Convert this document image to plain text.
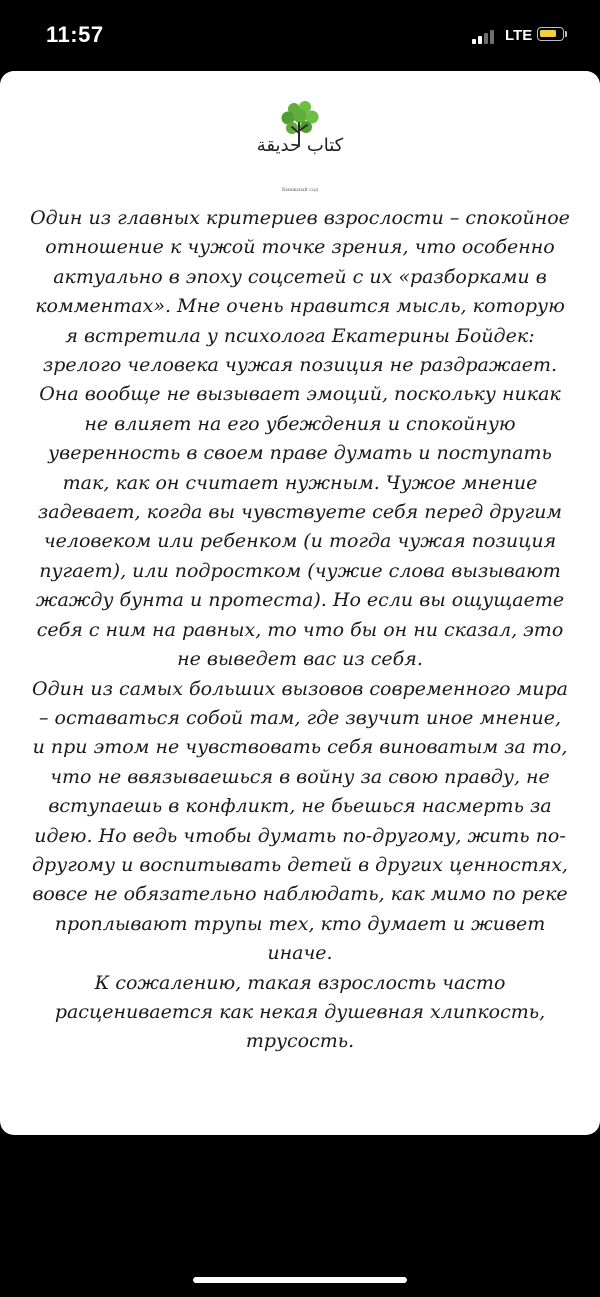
11:57	LTE
كتاب حديقة
Книжный сад

Один из главных критериев взрослости – спокойное отношение к чужой точке зрения, что особенно актуально в эпоху соцсетей с их «разборками в комментах». Мне очень нравится мысль, которую я встретила у психолога Екатерины Бойдек: зрелого человека чужая позиция не раздражает. Она вообще не вызывает эмоций, поскольку никак не влияет на его убеждения и спокойную уверенность в своем праве думать и поступать так, как он считает нужным. Чужое мнение задевает, когда вы чувствуете себя перед другим человеком или ребенком (и тогда чужая позиция пугает), или подростком (чужие слова вызывают жажду бунта и протеста). Но если вы ощущаете себя с ним на равных, то что бы он ни сказал, это не выведет вас из себя.

Один из самых больших вызовов современного мира – оставаться собой там, где звучит иное мнение, и при этом не чувствовать себя виноватым за то, что не ввязываешься в войну за свою правду, не вступаешь в конфликт, не бьешься насмерть за идею. Но ведь чтобы думать по-другому, жить по-другому и воспитывать детей в других ценностях, вовсе не обязательно наблюдать, как мимо по реке проплывают трупы тех, кто думает и живет иначе.

К сожалению, такая взрослость часто расценивается как некая душевная хлипкость, трусость.
